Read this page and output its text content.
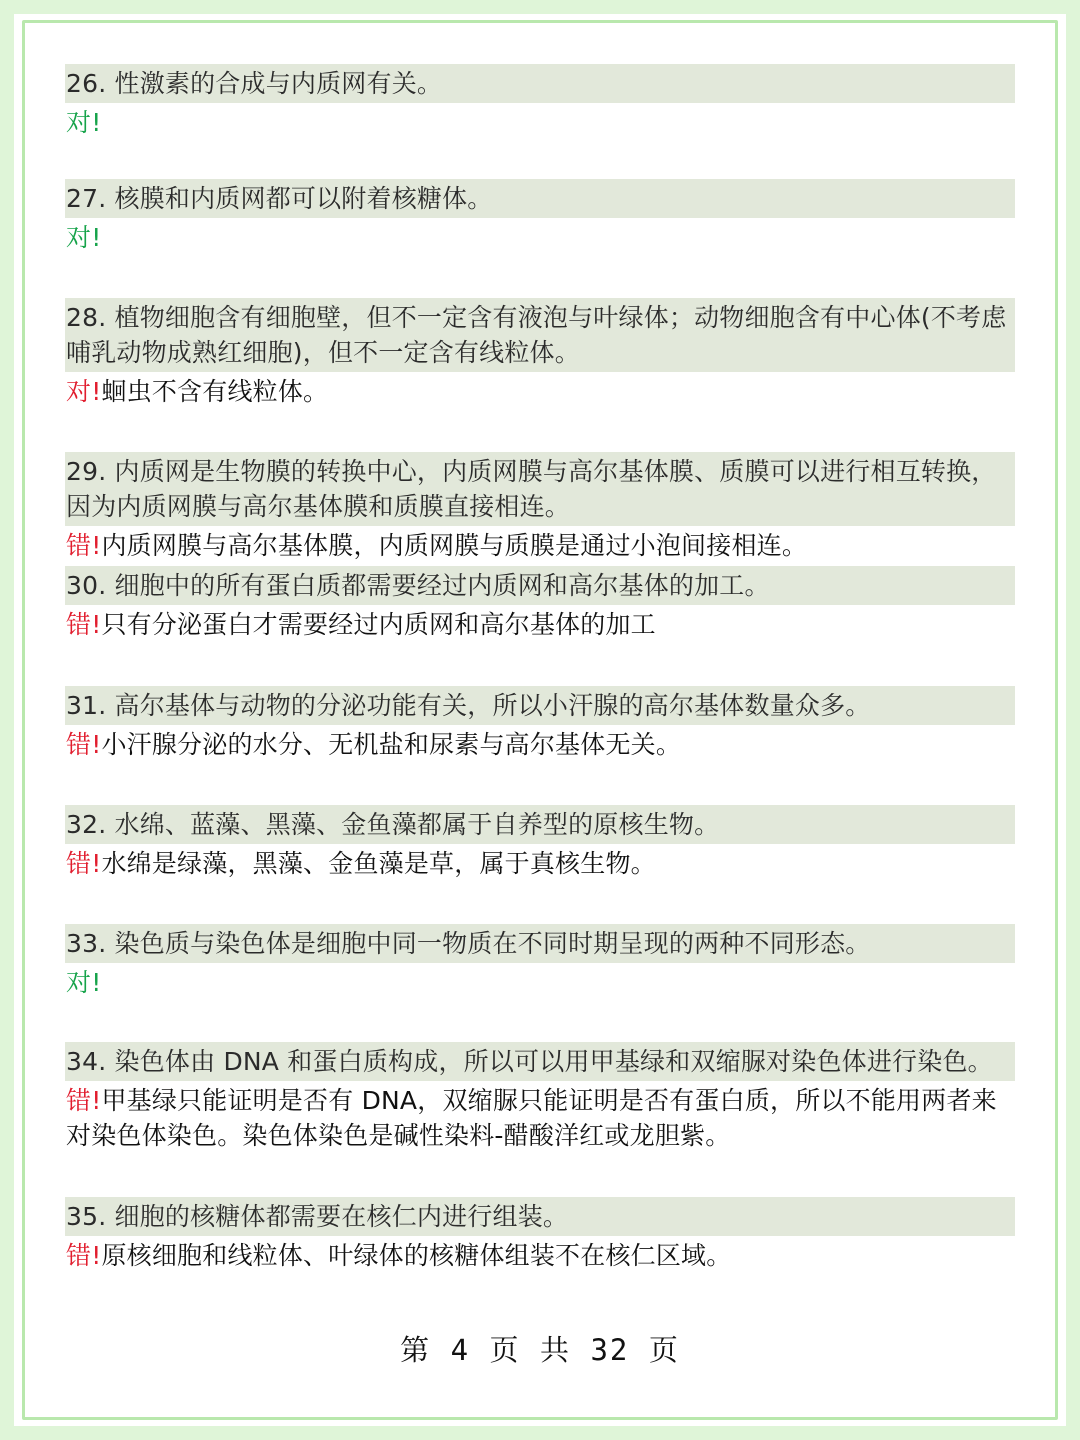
26. 性激素的合成与内质网有关。
对!
27. 核膜和内质网都可以附着核糖体。
对!
28. 植物细胞含有细胞壁，但不一定含有液泡与叶绿体；动物细胞含有中心体(不考虑哺乳动物成熟红细胞)，但不一定含有线粒体。
对!蛔虫不含有线粒体。
29. 内质网是生物膜的转换中心，内质网膜与高尔基体膜、质膜可以进行相互转换，因为内质网膜与高尔基体膜和质膜直接相连。
错!内质网膜与高尔基体膜，内质网膜与质膜是通过小泡间接相连。
30. 细胞中的所有蛋白质都需要经过内质网和高尔基体的加工。
错!只有分泌蛋白才需要经过内质网和高尔基体的加工
31. 高尔基体与动物的分泌功能有关，所以小汗腺的高尔基体数量众多。
错!小汗腺分泌的水分、无机盐和尿素与高尔基体无关。
32. 水绵、蓝藻、黑藻、金鱼藻都属于自养型的原核生物。
错!水绵是绿藻，黑藻、金鱼藻是草，属于真核生物。
33. 染色质与染色体是细胞中同一物质在不同时期呈现的两种不同形态。
对!
34. 染色体由 DNA 和蛋白质构成，所以可以用甲基绿和双缩脲对染色体进行染色。
错!甲基绿只能证明是否有 DNA，双缩脲只能证明是否有蛋白质，所以不能用两者来对染色体染色。染色体染色是碱性染料-醋酸洋红或龙胆紫。
35. 细胞的核糖体都需要在核仁内进行组装。
错!原核细胞和线粒体、叶绿体的核糖体组装不在核仁区域。
第 4 页 共 32 页
